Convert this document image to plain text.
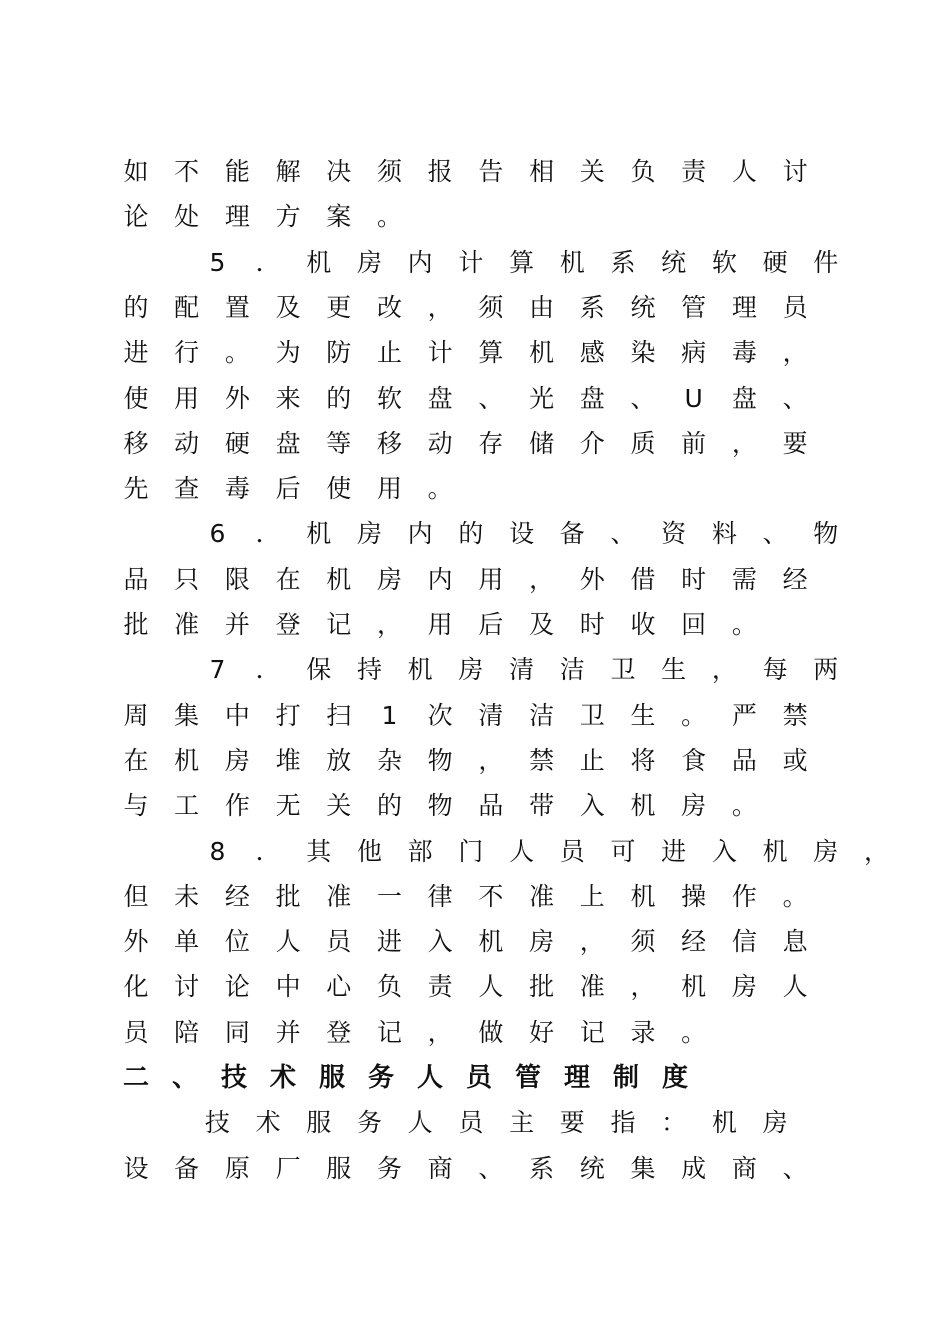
如 不 能 解 决 须 报 告 相 关 负 责 人 讨
论 处 理 方 案 。
5	． 机 房 内 计 算 机 系 统 软 硬 件
的 配 置 及 更 改 ， 须 由 系 统 管 理 员
进 行 。 为 防 止 计 算 机 感 染 病 毒 ，
使 用 外 来 的 软 盘 、 光 盘 、	U	盘 、
移 动 硬 盘 等 移 动 存 储 介 质 前 ， 要
先 查 毒 后 使 用 。
6	． 机 房 内 的 设 备 、 资 料 、 物
品 只 限 在 机 房 内 用 ， 外 借 时 需 经
批 准 并 登 记 ， 用 后 及 时 收 回 。
7	． 保 持 机 房 清 洁 卫 生 ， 每 两
周 集 中 打 扫	1	次 清 洁 卫 生 。 严 禁
在 机 房 堆 放 杂 物 ， 禁 止 将 食 品 或
与 工 作 无 关 的 物 品 带 入 机 房 。
8	． 其 他 部 门 人 员 可 进 入 机 房 ，
但 未 经 批 准 一 律 不 准 上 机 操 作 。
外 单 位 人 员 进 入 机 房 ， 须 经 信 息
化 讨 论 中 心 负 责 人 批 准 ， 机 房 人
员 陪 同 并 登 记 ， 做 好 记 录 。
二 、 技 术 服 务 人 员 管 理 制 度
技 术 服 务 人 员 主 要 指 ： 机 房
设 备 原 厂 服 务 商 、 系 统 集 成 商 、
